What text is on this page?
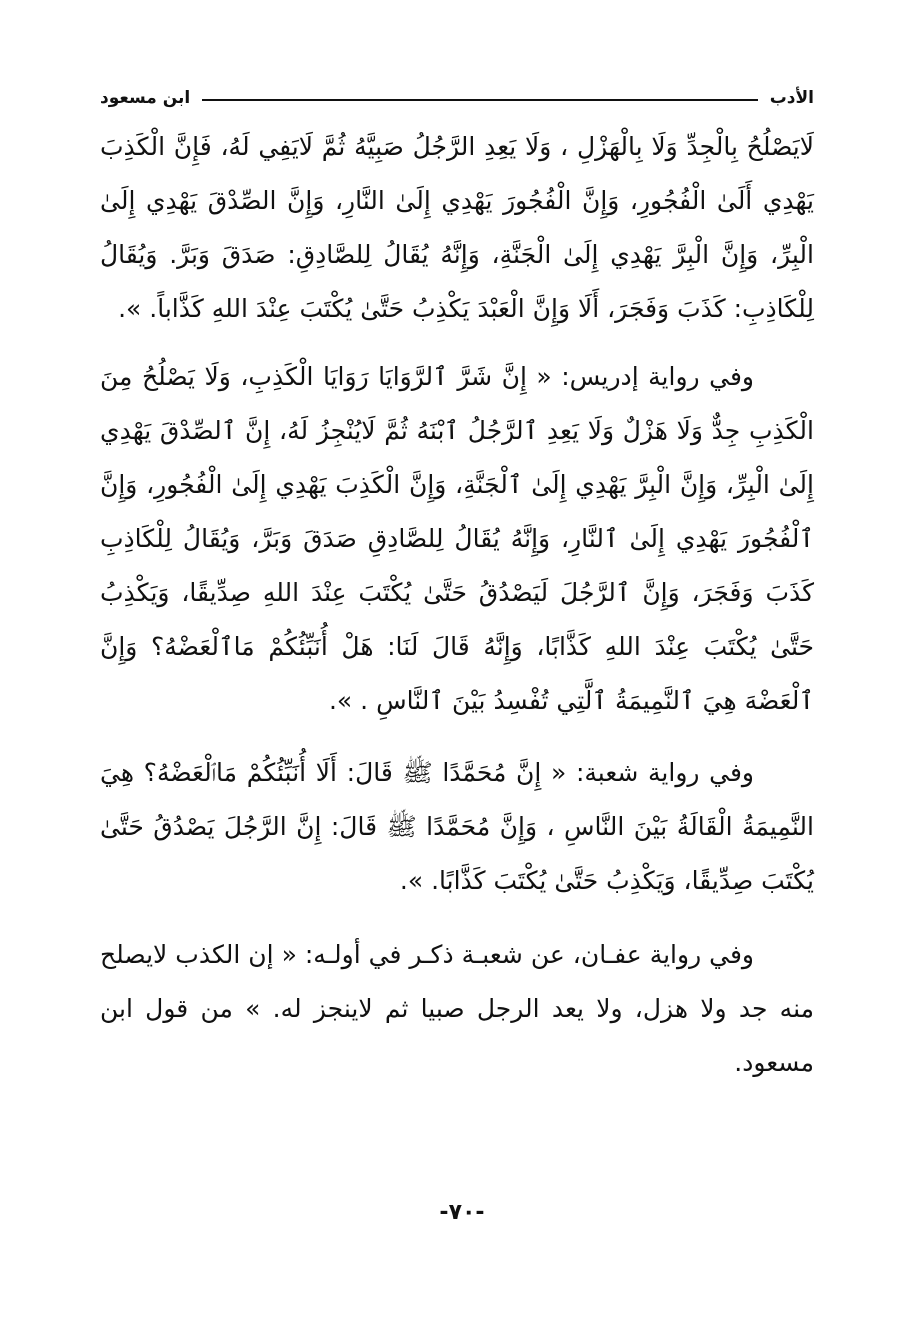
الأدب
ابن مسعود

لَايَصْلُحُ بِالْجِدِّ وَلَا بِالْهَزْلِ ، وَلَا يَعِدِ الرَّجُلُ صَبِيَّهُ ثُمَّ لَايَفِي لَهُ، فَإِنَّ الْكَذِبَ يَهْدِي أَلَىٰ الْفُجُورِ، وَإِنَّ الْفُجُورَ يَهْدِي إِلَىٰ النَّارِ، وَإِنَّ الصِّدْقَ يَهْدِي إِلَىٰ الْبِرِّ، وَإِنَّ الْبِرَّ يَهْدِي إِلَىٰ الْجَنَّةِ، وَإِنَّهُ يُقَالُ لِلصَّادِقِ: صَدَقَ وَبَرَّ. وَيُقَالُ لِلْكَاذِبِ: كَذَبَ وَفَجَرَ، أَلَا وَإِنَّ الْعَبْدَ يَكْذِبُ حَتَّىٰ يُكْتَبَ عِنْدَ اللهِ كَذَّاباً. ».

وفي رواية إدريس: « إِنَّ شَرَّ ٱلرَّوَايَا رَوَايَا الْكَذِبِ، وَلَا يَصْلُحُ مِنَ الْكَذِبِ جِدٌّ وَلَا هَزْلٌ وَلَا يَعِدِ ٱلرَّجُلُ ٱبْنَهُ ثُمَّ لَايُنْجِزُ لَهُ، إِنَّ ٱلصِّدْقَ يَهْدِي إِلَىٰ الْبِرِّ، وَإِنَّ الْبِرَّ يَهْدِي إِلَىٰ ٱلْجَنَّةِ، وَإِنَّ الْكَذِبَ يَهْدِي إِلَىٰ الْفُجُورِ، وَإِنَّ ٱلْفُجُورَ يَهْدِي إِلَىٰ ٱلنَّارِ، وَإِنَّهُ يُقَالُ لِلصَّادِقِ صَدَقَ وَبَرَّ، وَيُقَالُ لِلْكَاذِبِ كَذَبَ وَفَجَرَ، وَإِنَّ ٱلرَّجُلَ لَيَصْدُقُ حَتَّىٰ يُكْتَبَ عِنْدَ اللهِ صِدِّيقًا، وَيَكْذِبُ حَتَّىٰ يُكْتَبَ عِنْدَ اللهِ كَذَّابًا، وَإِنَّهُ قَالَ لَنَا: هَلْ أُنَبِّئُكُمْ مَاٱلْعَضْهُ؟ وَإِنَّ ٱلْعَضْهَ هِيَ ٱلنَّمِيمَةُ ٱلَّتِي تُفْسِدُ بَيْنَ ٱلنَّاسِ . ».

وفي رواية شعبة: « إِنَّ مُحَمَّدًا ﷺ قَالَ: أَلَا أُنَبِّئُكُمْ مَاٱلْعَضْهُ؟ هِيَ النَّمِيمَةُ الْقَالَةُ بَيْنَ النَّاسِ ، وَإِنَّ مُحَمَّدًا ﷺ قَالَ: إِنَّ الرَّجُلَ يَصْدُقُ حَتَّىٰ يُكْتَبَ صِدِّيقًا، وَيَكْذِبُ حَتَّىٰ يُكْتَبَ كَذَّابًا. ».

وفي رواية عفـان، عن شعبـة ذكـر في أولـه: « إن الكذب لايصلح منه جد ولا هزل، ولا يعد الرجل صبيا ثم لاينجز له. » من قول ابن مسعود.

-٧٠-
